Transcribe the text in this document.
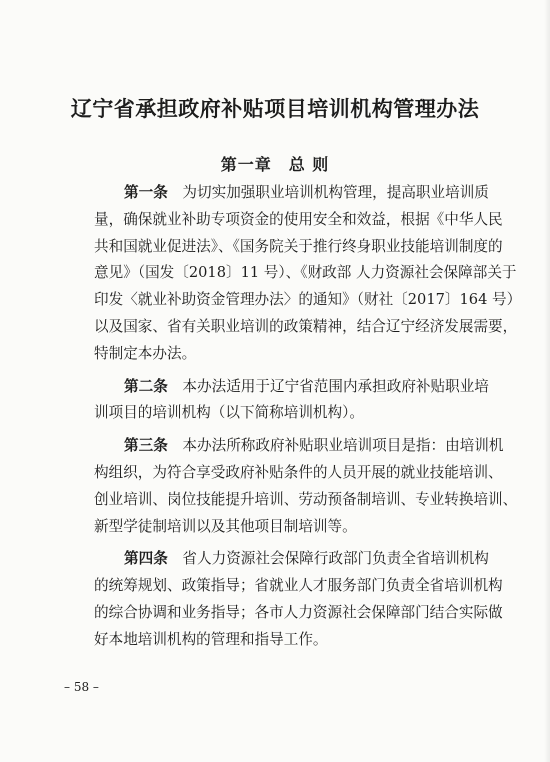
辽宁省承担政府补贴项目培训机构管理办法
第一章　总 则
第一条　 为切实加强职业培训机构管理，提高职业培训质
量，确保就业补助专项资金的使用安全和效益，根据《中华人民
共和国就业促进法》、《国务院关于推行终身职业技能培训制度的
意见》（国发〔2018〕11 号）、《财政部 人力资源社会保障部关于
印发〈就业补助资金管理办法〉的通知》（财社〔2017〕164 号）
以及国家、省有关职业培训的政策精神，结合辽宁经济发展需要，
特制定本办法。
第二条　 本办法适用于辽宁省范围内承担政府补贴职业培
训项目的培训机构（以下简称培训机构）。
第三条　 本办法所称政府补贴职业培训项目是指：由培训机
构组织，为符合享受政府补贴条件的人员开展的就业技能培训、
创业培训、岗位技能提升培训、劳动预备制培训、专业转换培训、
新型学徒制培训以及其他项目制培训等。
第四条　 省人力资源社会保障行政部门负责全省培训机构
的统筹规划、政策指导；省就业人才服务部门负责全省培训机构
的综合协调和业务指导；各市人力资源社会保障部门结合实际做
好本地培训机构的管理和指导工作。
– 58 –
